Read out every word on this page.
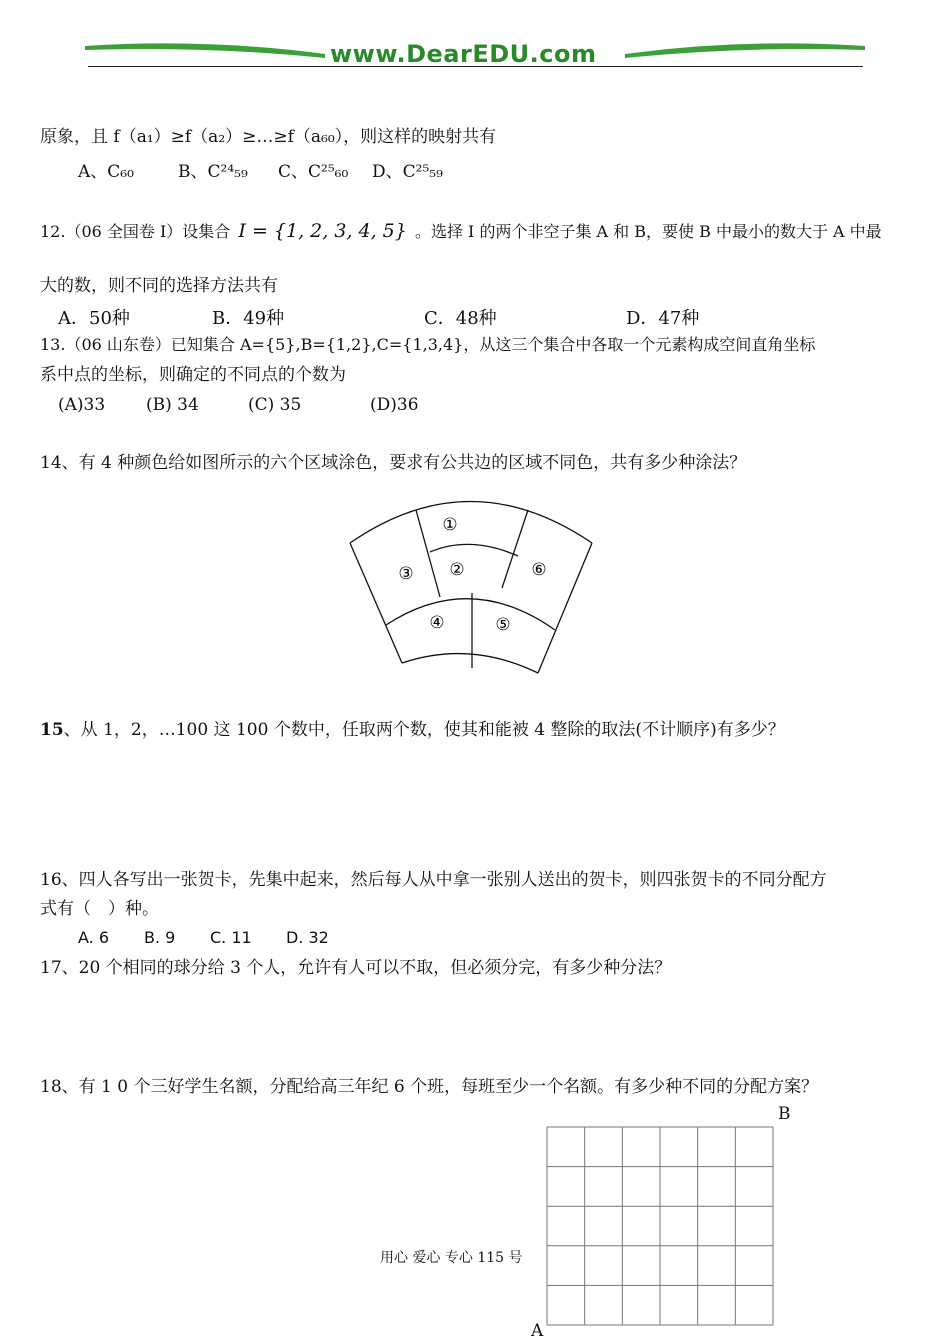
www.DearEDU.com
原象，且 f（a₁）≥f（a₂）≥…≥f（a₆₀），则这样的映射共有
A、C₆₀	B、C²⁴₅₉ C、C²⁵₆₀ D、C²⁵₅₉
12.（06 全国卷 I）设集合 I = {1, 2, 3, 4, 5} 。选择 I 的两个非空子集 A 和 B，要使 B 中最小的数大于 A 中最
大的数，则不同的选择方法共有
A．50种	B．49种	C．48种	D．47种
13.（06 山东卷）已知集合 A={5},B={1,2},C={1,3,4}，从这三个集合中各取一个元素构成空间直角坐标
系中点的坐标，则确定的不同点的个数为
(A)33 (B) 34	(C) 35	(D)36
14、有 4 种颜色给如图所示的六个区域涂色，要求有公共边的区域不同色，共有多少种涂法？
①
②
③
④	⑤
⑥
15、从 1，2，…100 这 100 个数中，任取两个数，使其和能被 4 整除的取法(不计顺序)有多少？
16、四人各写出一张贺卡，先集中起来，然后每人从中拿一张别人送出的贺卡，则四张贺卡的不同分配方
式有（　）种。
A. 6 B. 9 C. 11 D. 32
17、20 个相同的球分给 3 个人，允许有人可以不取，但必须分完，有多少种分法？
18、有 1 0 个三好学生名额，分配给高三年纪 6 个班，每班至少一个名额。有多少种不同的分配方案？
B
A
用心 爱心 专心 115 号
